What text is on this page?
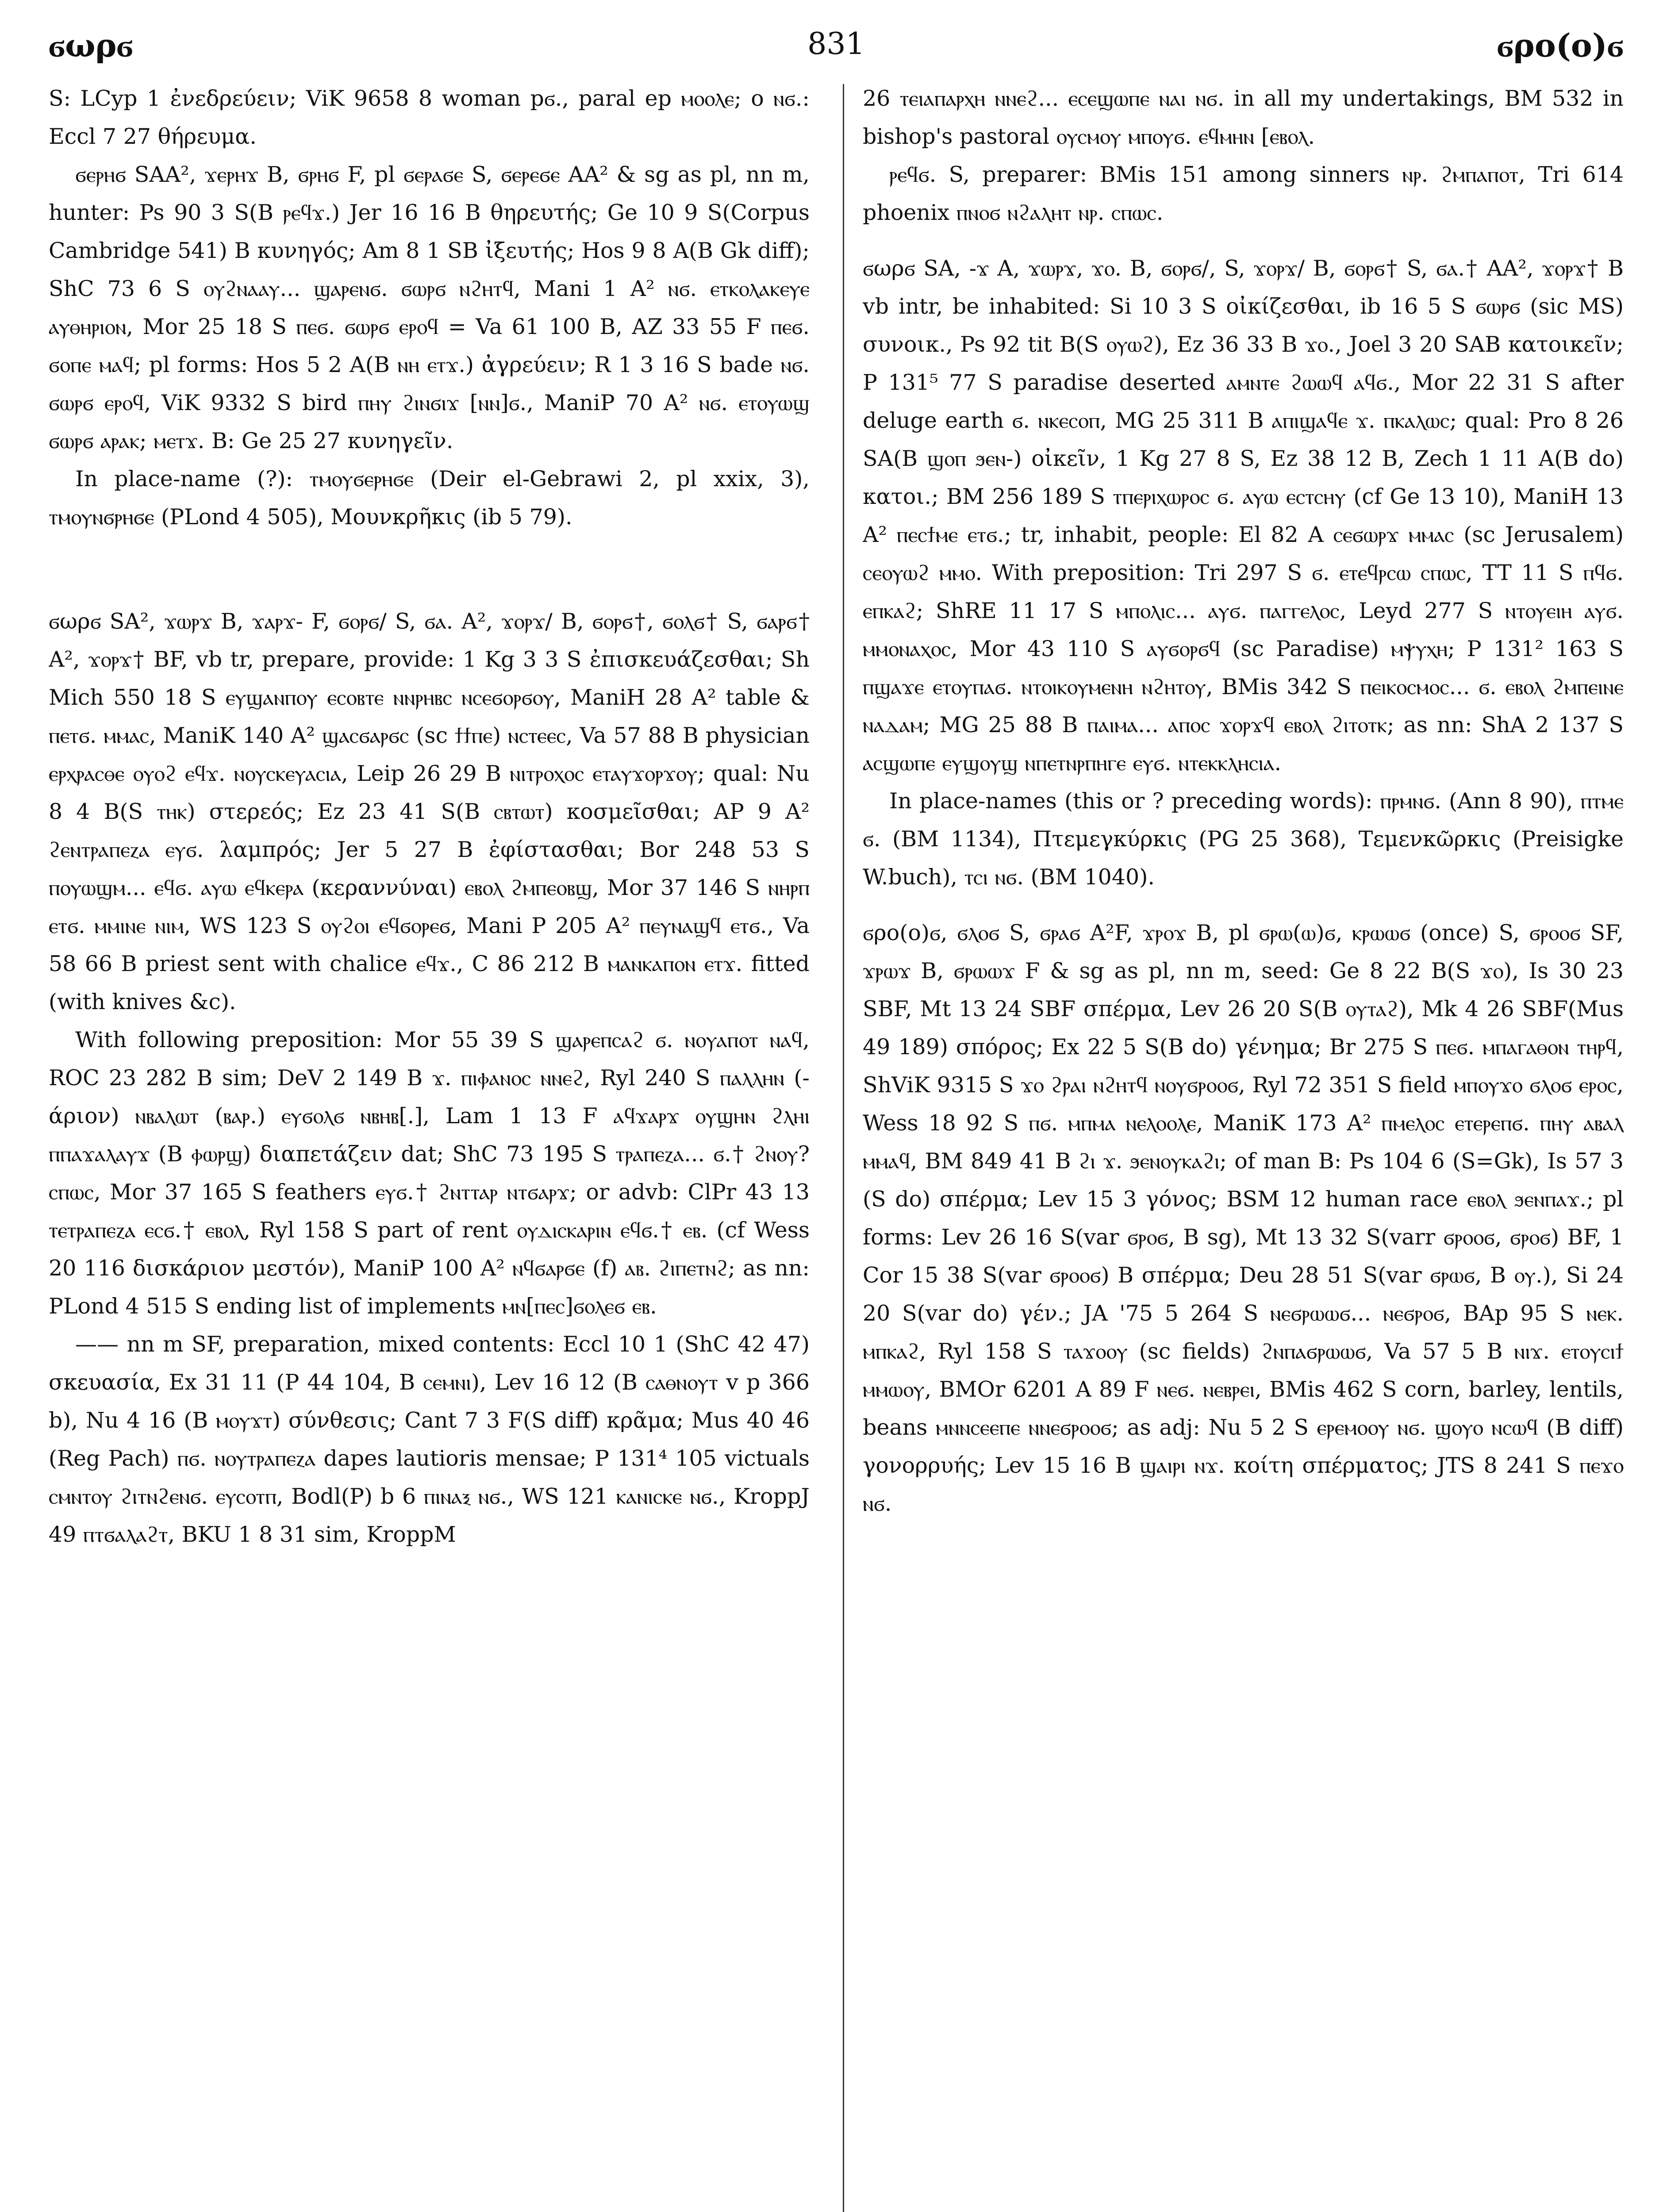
ϭωρϭ	831	ϭρο(ο)ϭ

S: LCyp 1 ἐνεδρεύειν; ViK 9658 8 woman pϭ., paral ep ⲙⲟⲟⲗⲉ; o ⲛϭ.: Eccl 7 27 θήρευμα.

ϭⲉⲣⲏϭ SAA², ϫⲉⲣⲏϫ B, ϭⲣⲏϭ F, pl ϭⲉⲣⲁϭⲉ S, ϭⲉⲣⲉϭⲉ AA² & sg as pl, nn m, hunter: Ps 90 3 S(B ⲣⲉϥϫ.) Jer 16 16 B θηρευτής; Ge 10 9 S(Corpus Cambridge 541) B κυνηγός; Am 8 1 SB ἰξευτής; Hos 9 8 A(B Gk diff); ShC 73 6 S ⲟⲩϩⲛⲁⲁⲩ... ϣⲁⲣⲉⲛϭ. ϭⲱⲣϭ ⲛϩⲏⲧϥ, Mani 1 A² ⲛϭ. ⲉⲧⲕⲟⲗⲁⲕⲉⲩⲉ ⲁⲩⲑⲏⲣⲓⲟⲛ, Mor 25 18 S ⲡⲉϭ. ϭⲱⲣϭ ⲉⲣⲟϥ = Va 61 100 B, AZ 33 55 F ⲡⲉϭ. ϭⲟⲡⲉ ⲙⲁϥ; pl forms: Hos 5 2 A(B ⲛⲏ ⲉⲧϫ.) ἀγρεύειν; R 1 3 16 S bade ⲛϭ. ϭⲱⲣϭ ⲉⲣⲟϥ, ViK 9332 S bird ⲡⲏⲩ ϩⲓⲛϭⲓϫ [ⲛⲛ]ϭ., ManiP 70 A² ⲛϭ. ⲉⲧⲟⲩⲱϣ ϭⲱⲣϭ ⲁⲣⲁⲕ; ⲙⲉⲧϫ. B: Ge 25 27 κυνηγεῖν.

In place-name (?): ⲧⲙⲟⲩϭⲉⲣⲏϭⲉ (Deir el-Gebrawi 2, pl xxix, 3), ⲧⲙⲟⲩⲛϭⲣⲏϭⲉ (PLond 4 505), Μουνκρῆκις (ib 5 79).

ϭωρϭ SA², ϫⲱⲣϫ B, ϫⲁⲣϫ- F, ϭⲟⲣϭ/ S, ϭⲁ. A², ϫⲟⲣϫ/ B, ϭⲟⲣϭ†, ϭⲟⲗϭ† S, ϭⲁⲣϭ† A², ϫⲟⲣϫ† BF, vb tr, prepare, provide: 1 Kg 3 3 S ἐπισκευάζεσθαι; Sh Mich 550 18 S ⲉⲩϣⲁⲛⲡⲟⲩ ⲉⲥⲟⲃⲧⲉ ⲛⲛⲣⲏⲃⲥ ⲛⲥⲉϭⲟⲣϭⲟⲩ, ManiH 28 A² table & ⲡⲉⲧϭ. ⲙⲙⲁⲥ, ManiK 140 A² ϣⲁⲥϭⲁⲣϭⲥ (sc ϯϯⲡⲉ) ⲛⲥⲧⲉⲉⲥ, Va 57 88 B physician ⲉⲣⲭⲣⲁⲥⲑⲉ ⲟⲩⲟϩ ⲉϥϫ. ⲛⲟⲩⲥⲕⲉⲩⲁⲥⲓⲁ, Leip 26 29 B ⲛⲓⲧⲣⲟⲭⲟⲥ ⲉⲧⲁⲩϫⲟⲣϫⲟⲩ; qual: Nu 8 4 B(S ⲧⲏⲕ) στερεός; Ez 23 41 S(B ⲥⲃⲧⲱⲧ) κοσμεῖσθαι; AP 9 A² ϩⲉⲛⲧⲣⲁⲡⲉⲍⲁ ⲉⲩϭ. λαμπρός; Jer 5 27 B ἐφίστασθαι; Bor 248 53 S ⲡⲟⲩⲱϣⲙ... ⲉϥϭ. ⲁⲩⲱ ⲉϥⲕⲉⲣⲁ (κεραννύναι) ⲉⲃⲟⲗ ϩⲙⲡⲉⲟⲃϣ, Mor 37 146 S ⲛⲏⲣⲡ ⲉⲧϭ. ⲙⲙⲓⲛⲉ ⲛⲓⲙ, WS 123 S ⲟⲩϩⲟⲓ ⲉϥϭⲟⲣⲉϭ, Mani P 205 A² ⲡⲉⲩⲛⲁϣϥ ⲉⲧϭ., Va 58 66 B priest sent with chalice ⲉϥϫ., C 86 212 B ⲙⲁⲛⲕⲁⲡⲟⲛ ⲉⲧϫ. fitted (with knives &c).

With following preposition: Mor 55 39 S ϣⲁⲣⲉⲡⲥⲁϩ ϭ. ⲛⲟⲩⲁⲡⲟⲧ ⲛⲁϥ, ROC 23 282 B sim; DeV 2 149 B ϫ. ⲡⲓⲫⲁⲛⲟⲥ ⲛⲛⲉϩ, Ryl 240 S ⲡⲁⲗⲗⲏⲛ (-άριον) ⲛⲃⲁⲗⲱⲧ (ⲃⲁⲣ.) ⲉⲩϭⲟⲗϭ ⲛⲃⲏⲃ[.], Lam 1 13 F ⲁϥϫⲁⲣϫ ⲟⲩϣⲏⲛ ϩⲗⲏⲓ ⲡⲡⲁϫⲁⲗⲁⲩϫ (B ⲫⲱⲣϣ) διαπετάζειν dat; ShC 73 195 S ⲧⲣⲁⲡⲉⲍⲁ... ϭ.† ϩⲛⲟⲩ? ⲥⲡⲱⲥ, Mor 37 165 S feathers ⲉⲩϭ.† ϩⲛⲧⲧⲁⲣ ⲛⲧϭⲁⲣϫ; or advb: ClPr 43 13 ⲧⲉⲧⲣⲁⲡⲉⲍⲁ ⲉⲥϭ.† ⲉⲃⲟⲗ, Ryl 158 S part of rent ⲟⲩⲇⲓⲥⲕⲁⲣⲓⲛ ⲉϥϭ.† ⲉⲃ. (cf Wess 20 116 δισκάριον μεστόν), ManiP 100 A² ⲛϥϭⲁⲣϭⲉ (f) ⲁⲃ. ϩⲓⲡⲉⲧⲛϩ; as nn: PLond 4 515 S ending list of implements ⲙⲛ[ⲡⲉⲥ]ϭⲟⲗⲉϭ ⲉⲃ.

—— nn m SF, preparation, mixed contents: Eccl 10 1 (ShC 42 47) σκευασία, Ex 31 11 (P 44 104, B ⲥⲉⲙⲛⲓ), Lev 16 12 (B ⲥⲁⲑⲛⲟⲩⲧ v p 366 b), Nu 4 16 (B ⲙⲟⲩϫⲧ) σύνθεσις; Cant 7 3 F(S diff) κρᾶμα; Mus 40 46 (Reg Pach) ⲡϭ. ⲛⲟⲩⲧⲣⲁⲡⲉⲍⲁ dapes lautioris mensae; P 131⁴ 105 victuals ⲥⲙⲛⲧⲟⲩ ϩⲓⲧⲛϩⲉⲛϭ. ⲉⲩⲥⲟⲧⲡ, Bodl(P) b 6 ⲡⲓⲛⲁⲝ ⲛϭ., WS 121 ⲕⲁⲛⲓⲥⲕⲉ ⲛϭ., KroppJ 49 ⲡⲧϭⲁⲗⲁϩⲧ, BKU 1 8 31 sim, KroppM

26 ⲧⲉⲓⲁⲡⲁⲣⲭⲏ ⲛⲛⲉϩ... ⲉⲥⲉϣⲱⲡⲉ ⲛⲁⲓ ⲛϭ. in all my undertakings, BM 532 in bishop's pastoral ⲟⲩⲥⲙⲟⲩ ⲙⲡⲟⲩϭ. ⲉϥⲙⲏⲛ [ⲉⲃⲟⲗ.

ⲣⲉϥϭ. S, preparer: BMis 151 among sinners ⲛⲣ. ϩⲙⲡⲁⲡⲟⲧ, Tri 614 phoenix ⲡⲛⲟϭ ⲛϩⲁⲗⲏⲧ ⲛⲣ. ⲥⲡⲱⲥ.

ϭωρϭ SA, -ϫ A, ϫⲱⲣϫ, ϫⲟ. B, ϭⲟⲣϭ/, S, ϫⲟⲣϫ/ B, ϭⲟⲣϭ† S, ϭⲁ.† AA², ϫⲟⲣϫ† B vb intr, be inhabited: Si 10 3 S οἰκίζεσθαι, ib 16 5 S ϭⲱⲣϭ (sic MS) συνοικ., Ps 92 tit B(S ⲟⲩⲱϩ), Ez 36 33 B ϫⲟ., Joel 3 20 SAB κατοικεῖν; P 131⁵ 77 S paradise deserted ⲁⲙⲛⲧⲉ ϩⲱⲱϥ ⲁϥϭ., Mor 22 31 S after deluge earth ϭ. ⲛⲕⲉⲥⲟⲡ, MG 25 311 B ⲁⲡⲓϣⲁϥⲉ ϫ. ⲡⲕⲁⲗⲱⲥ; qual: Pro 8 26 SA(B ϣⲟⲡ ϧⲉⲛ-) οἰκεῖν, 1 Kg 27 8 S, Ez 38 12 B, Zech 1 11 A(B do) κατοι.; BM 256 189 S ⲧⲡⲉⲣⲓⲭⲱⲣⲟⲥ ϭ. ⲁⲩⲱ ⲉⲥⲧⲥⲏⲩ (cf Ge 13 10), ManiH 13 A² ⲡⲉⲥϯⲙⲉ ⲉⲧϭ.; tr, inhabit, people: El 82 A ⲥⲉϭⲱⲣϫ ⲙⲙⲁⲥ (sc Jerusalem) ⲥⲉⲟⲩⲱϩ ⲙⲙⲟ. With preposition: Tri 297 S ϭ. ⲉⲧⲉϥⲣⲥⲱ ⲥⲡⲱⲥ, TT 11 S ⲡϥϭ. ⲉⲡⲕⲁϩ; ShRE 11 17 S ⲙⲡⲟⲗⲓⲥ... ⲁⲩϭ. ⲡⲁⲅⲅⲉⲗⲟⲥ, Leyd 277 S ⲛⲧⲟⲩⲉⲓⲏ ⲁⲩϭ. ⲙⲙⲟⲛⲁⲭⲟⲥ, Mor 43 110 S ⲁⲩϭⲟⲣϭϥ (sc Paradise) ⲙⲯⲩⲭⲏ; P 131² 163 S ⲡϣⲁϫⲉ ⲉⲧⲟⲩⲡⲁϭ. ⲛⲧⲟⲓⲕⲟⲩⲙⲉⲛⲏ ⲛϩⲏⲧⲟⲩ, BMis 342 S ⲡⲉⲓⲕⲟⲥⲙⲟⲥ... ϭ. ⲉⲃⲟⲗ ϩⲙⲡⲉⲓⲛⲉ ⲛⲁⲇⲁⲙ; MG 25 88 B ⲡⲁⲓⲙⲁ... ⲁⲡⲟⲥ ϫⲟⲣϫϥ ⲉⲃⲟⲗ ϩⲓⲧⲟⲧⲕ; as nn: ShA 2 137 S ⲁⲥϣⲱⲡⲉ ⲉⲩϣⲟⲩϣ ⲛⲡⲉⲧⲛⲣⲡⲏⲅⲉ ⲉⲩϭ. ⲛⲧⲉⲕⲕⲗⲏⲥⲓⲁ.

In place-names (this or ? preceding words): ⲡⲣⲙⲛϭ. (Ann 8 90), ⲡⲧⲙⲉ ϭ. (BM 1134), Πτεμεγκύρκις (PG 25 368), Τεμενκῶρκις (Preisigke W.buch), ⲧⲥⲓ ⲛϭ. (BM 1040).

ϭρο(ο)ϭ, ϭⲗⲟϭ S, ϭⲣⲁϭ A²F, ϫⲣⲟϫ B, pl ϭⲣⲱ(ⲱ)ϭ, ⲕⲣⲱⲱϭ (once) S, ϭⲣⲟⲟϭ SF, ϫⲣⲱϫ B, ϭⲣⲱⲱϫ F & sg as pl, nn m, seed: Ge 8 22 B(S ϫⲟ), Is 30 23 SBF, Mt 13 24 SBF σπέρμα, Lev 26 20 S(B ⲟⲩⲧⲁϩ), Mk 4 26 SBF(Mus 49 189) σπόρος; Ex 22 5 S(B do) γένημα; Br 275 S ⲡⲉϭ. ⲙⲡⲁⲅⲁⲑⲟⲛ ⲧⲏⲣϥ, ShViK 9315 S ϫⲟ ϩⲣⲁⲓ ⲛϩⲏⲧϥ ⲛⲟⲩϭⲣⲟⲟϭ, Ryl 72 351 S field ⲙⲡⲟⲩϫⲟ ϭⲗⲟϭ ⲉⲣⲟⲥ, Wess 18 92 S ⲡϭ. ⲙⲡⲙⲁ ⲛⲉⲗⲟⲟⲗⲉ, ManiK 173 A² ⲡⲙⲉⲗⲟⲥ ⲉⲧⲉⲣⲉⲡϭ. ⲡⲏⲩ ⲁⲃⲁⲗ ⲙⲙⲁϥ, BM 849 41 B ϩⲓ ϫ. ϧⲉⲛⲟⲩⲕⲁϩⲓ; of man B: Ps 104 6 (S=Gk), Is 57 3 (S do) σπέρμα; Lev 15 3 γόνος; BSM 12 human race ⲉⲃⲟⲗ ϧⲉⲛⲡⲁϫ.; pl forms: Lev 26 16 S(var ϭⲣⲟϭ, B sg), Mt 13 32 S(varr ϭⲣⲟⲟϭ, ϭⲣⲟϭ) BF, 1 Cor 15 38 S(var ϭⲣⲟⲟϭ) B σπέρμα; Deu 28 51 S(var ϭⲣⲱϭ, B ⲟⲩ.), Si 24 20 S(var do) γέν.; JA '75 5 264 S ⲛⲉϭⲣⲱⲱϭ... ⲛⲉϭⲣⲟϭ, BAp 95 S ⲛⲉⲕ. ⲙⲡⲕⲁϩ, Ryl 158 S ⲧⲁϫⲟⲟⲩ (sc fields) ϩⲛⲡⲁϭⲣⲱⲱϭ, Va 57 5 B ⲛⲓϫ. ⲉⲧⲟⲩⲥⲓϯ ⲙⲙⲱⲟⲩ, BMOr 6201 A 89 F ⲛⲉϭ. ⲛⲉⲃⲣⲉⲓ, BMis 462 S corn, barley, lentils, beans ⲙⲛⲛⲥⲉⲉⲡⲉ ⲛⲛⲉϭⲣⲟⲟϭ; as adj: Nu 5 2 S ⲉⲣⲉⲙⲟⲟⲩ ⲛϭ. ϣⲟⲩⲟ ⲛⲥⲱϥ (B diff) γονορρυής; Lev 15 16 B ϣⲁⲓⲣⲓ ⲛϫ. κοίτη σπέρματος; JTS 8 241 S ⲡⲉϫⲟ ⲛϭ.
